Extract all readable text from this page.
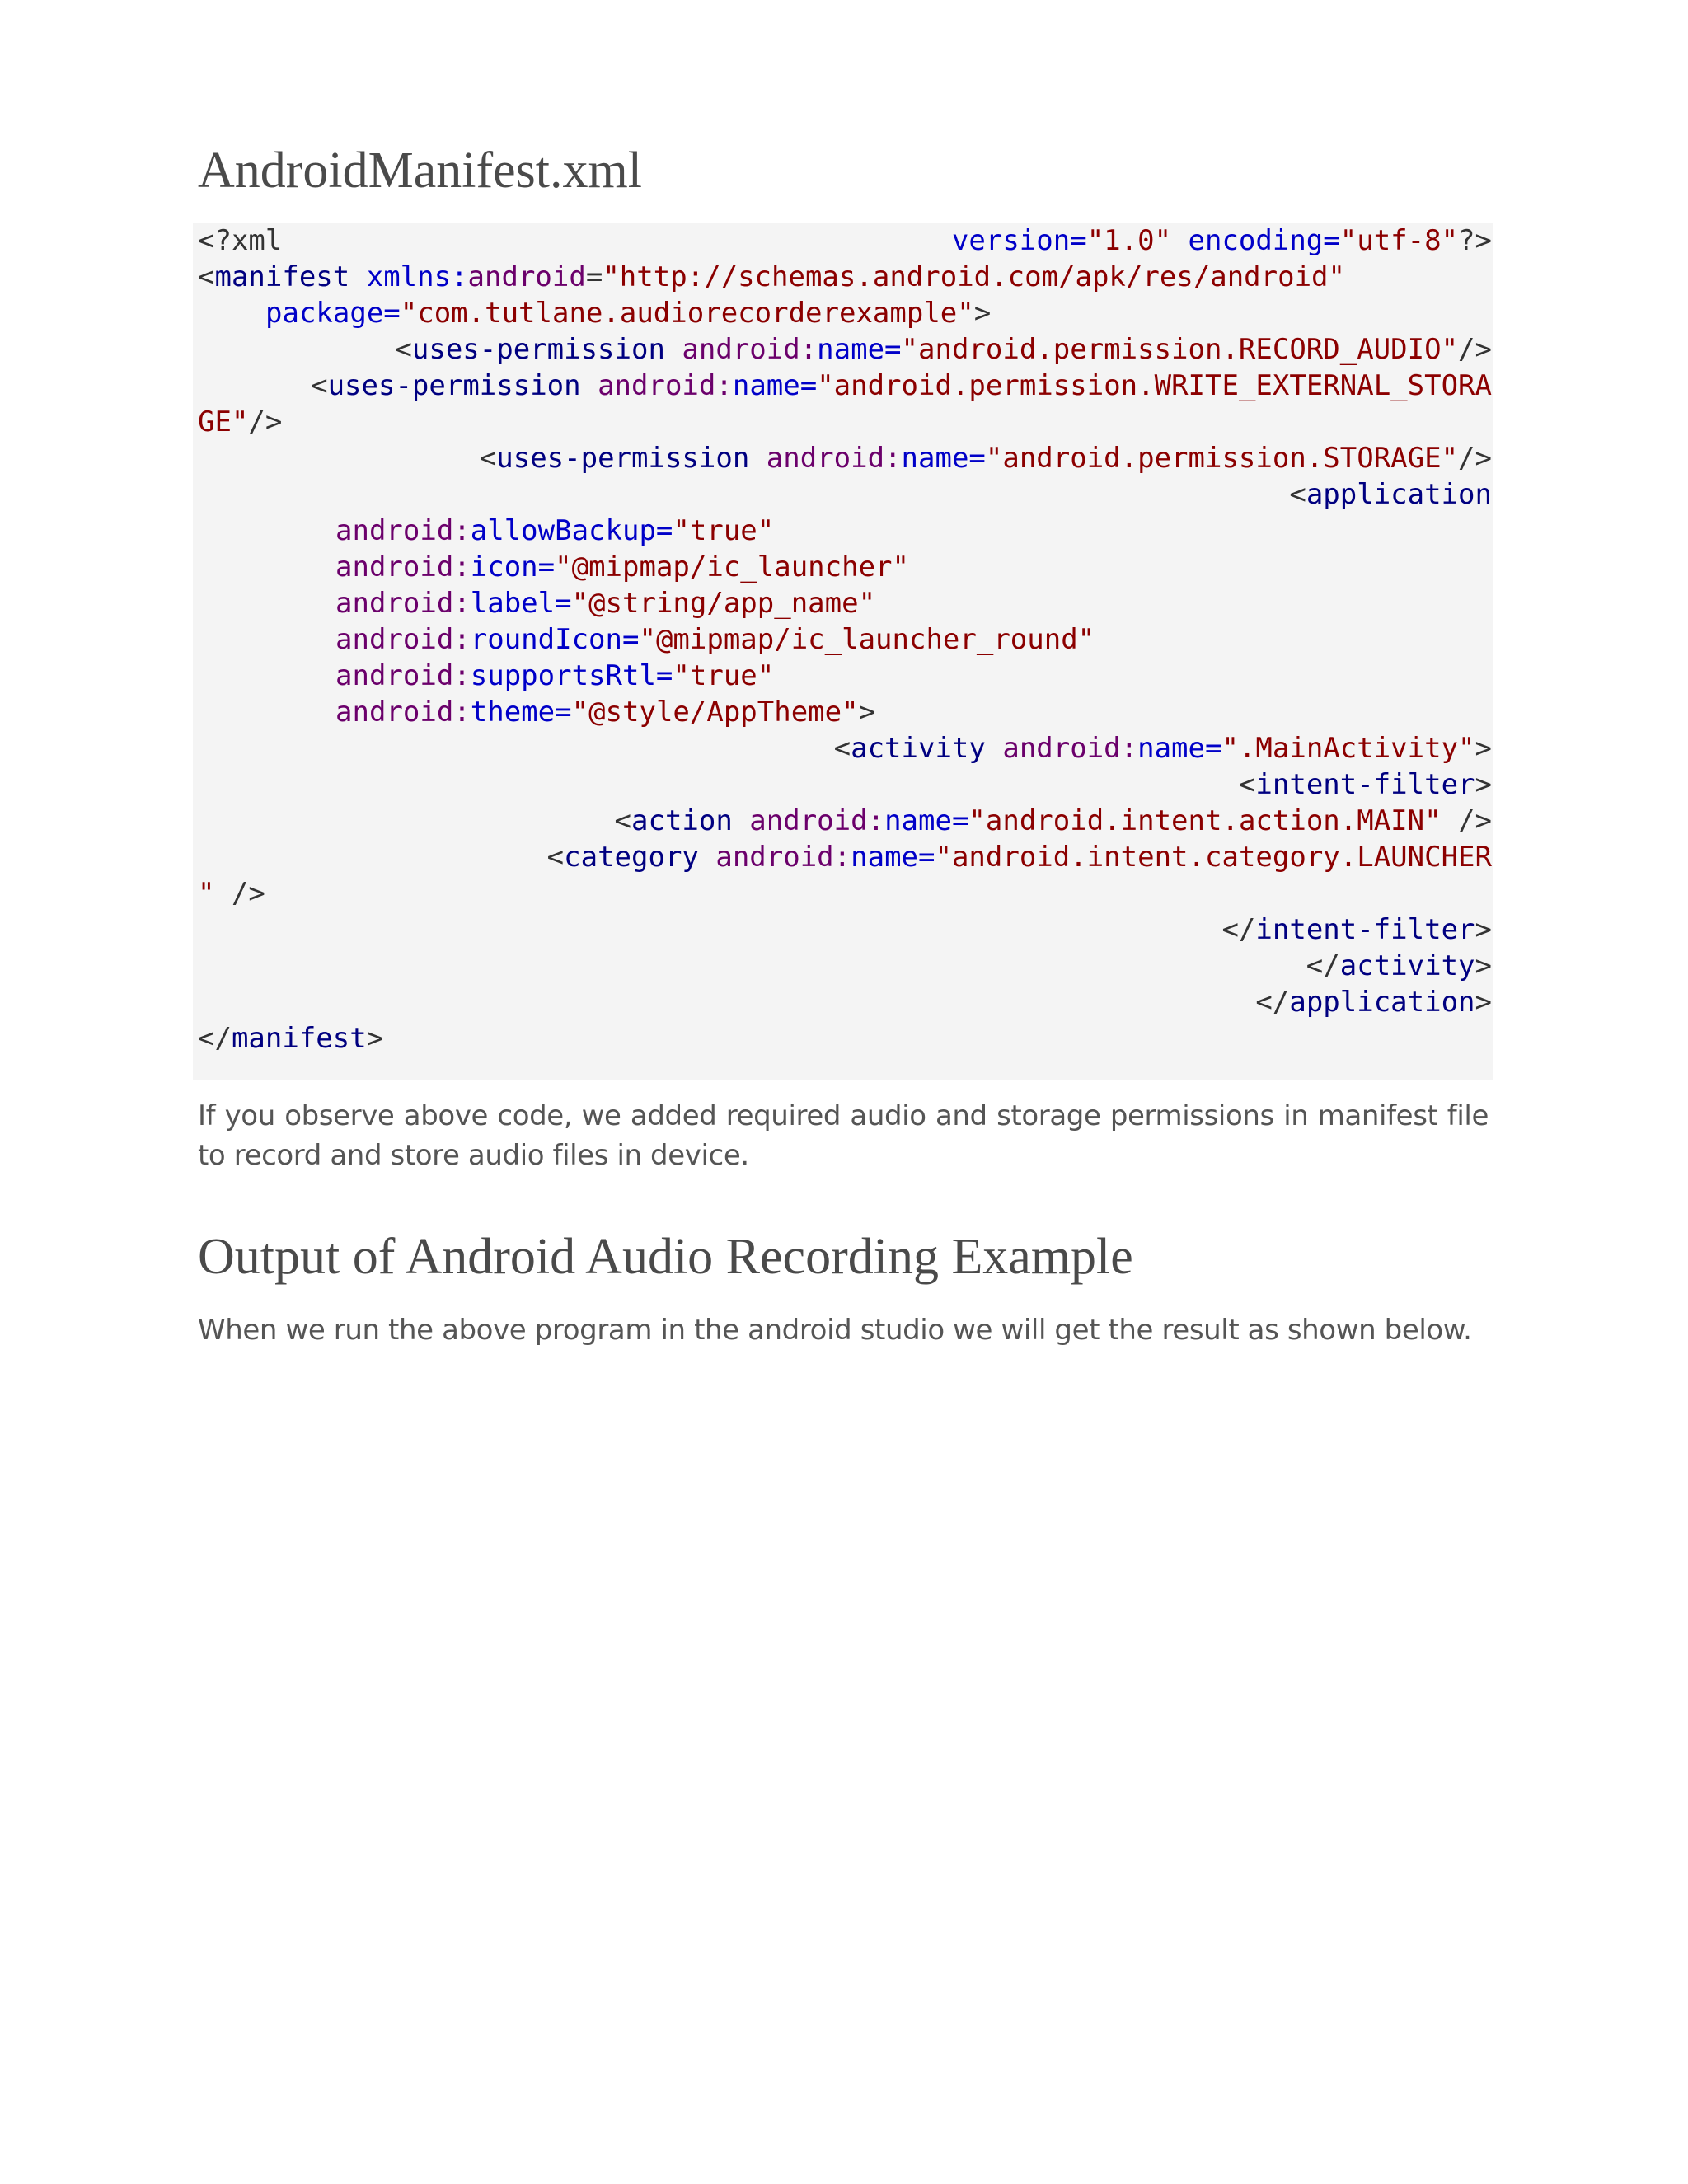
AndroidManifest.xml
<?xml	version="1.0" encoding="utf-8"?>
<manifest xmlns:android="http://schemas.android.com/apk/res/android"
package="com.tutlane.audiorecorderexample">
<uses-permission android:name="android.permission.RECORD_AUDIO"/>
<uses-permission android:name="android.permission.WRITE_EXTERNAL_STORA
GE"/>
<uses-permission android:name="android.permission.STORAGE"/>
<application
android:allowBackup="true"
android:icon="@mipmap/ic_launcher"
android:label="@string/app_name"
android:roundIcon="@mipmap/ic_launcher_round"
android:supportsRtl="true"
android:theme="@style/AppTheme">
<activity android:name=".MainActivity">
<intent-filter>
<action android:name="android.intent.action.MAIN" />
<category android:name="android.intent.category.LAUNCHER
" />
</intent-filter>
</activity>
</application>
</manifest>

If you observe above code, we added required audio and storage permissions in manifest file to record and store audio files in device.

Output of Android Audio Recording Example

When we run the above program in the android studio we will get the result as shown below.
